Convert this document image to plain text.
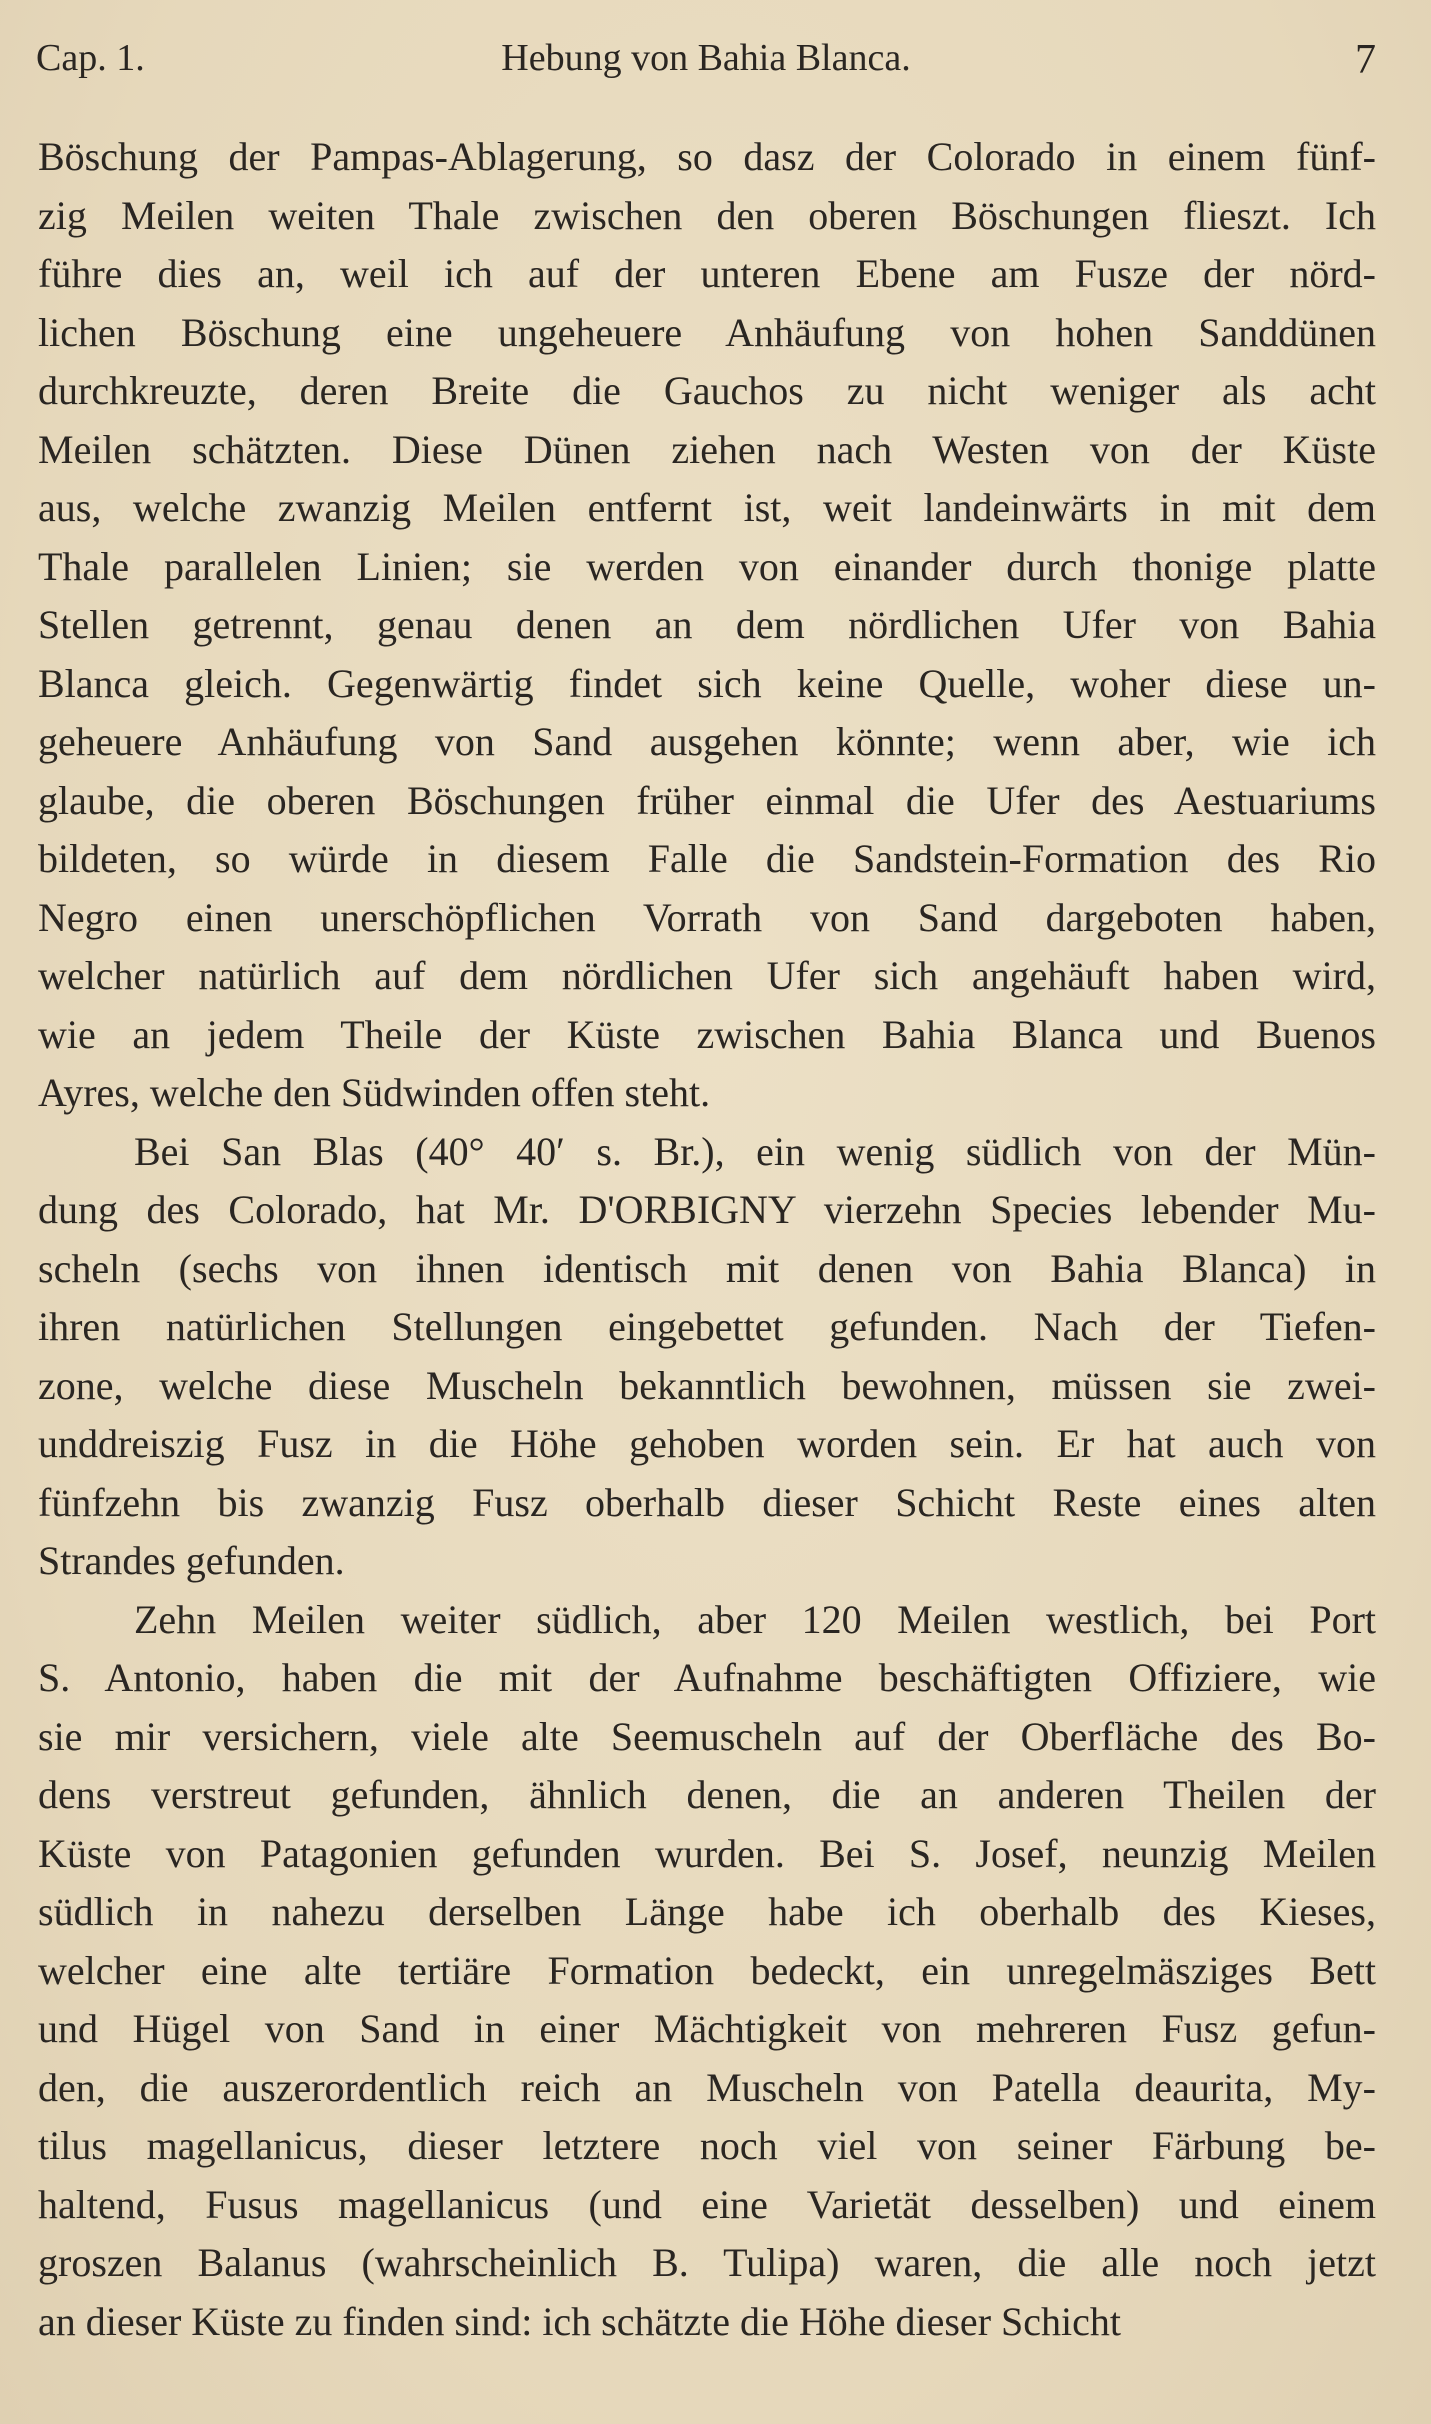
Cap. 1.	Hebung von Bahia Blanca.	7
Böschung der Pampas-Ablagerung, so dasz der Colorado in einem fünf-
zig Meilen weiten Thale zwischen den oberen Böschungen flieszt. Ich
führe dies an, weil ich auf der unteren Ebene am Fusze der nörd-
lichen Böschung eine ungeheuere Anhäufung von hohen Sanddünen
durchkreuzte, deren Breite die Gauchos zu nicht weniger als acht
Meilen schätzten. Diese Dünen ziehen nach Westen von der Küste
aus, welche zwanzig Meilen entfernt ist, weit landeinwärts in mit dem
Thale parallelen Linien; sie werden von einander durch thonige platte
Stellen getrennt, genau denen an dem nördlichen Ufer von Bahia
Blanca gleich. Gegenwärtig findet sich keine Quelle, woher diese un-
geheuere Anhäufung von Sand ausgehen könnte; wenn aber, wie ich
glaube, die oberen Böschungen früher einmal die Ufer des Aestuariums
bildeten, so würde in diesem Falle die Sandstein-Formation des Rio
Negro einen unerschöpflichen Vorrath von Sand dargeboten haben,
welcher natürlich auf dem nördlichen Ufer sich angehäuft haben wird,
wie an jedem Theile der Küste zwischen Bahia Blanca und Buenos
Ayres, welche den Südwinden offen steht.
Bei San Blas (40° 40′ s. Br.), ein wenig südlich von der Mün-
dung des Colorado, hat Mr. D'ORBIGNY vierzehn Species lebender Mu-
scheln (sechs von ihnen identisch mit denen von Bahia Blanca) in
ihren natürlichen Stellungen eingebettet gefunden. Nach der Tiefen-
zone, welche diese Muscheln bekanntlich bewohnen, müssen sie zwei-
unddreiszig Fusz in die Höhe gehoben worden sein. Er hat auch von
fünfzehn bis zwanzig Fusz oberhalb dieser Schicht Reste eines alten
Strandes gefunden.
Zehn Meilen weiter südlich, aber 120 Meilen westlich, bei Port
S. Antonio, haben die mit der Aufnahme beschäftigten Offiziere, wie
sie mir versichern, viele alte Seemuscheln auf der Oberfläche des Bo-
dens verstreut gefunden, ähnlich denen, die an anderen Theilen der
Küste von Patagonien gefunden wurden. Bei S. Josef, neunzig Meilen
südlich in nahezu derselben Länge habe ich oberhalb des Kieses,
welcher eine alte tertiäre Formation bedeckt, ein unregelmäsziges Bett
und Hügel von Sand in einer Mächtigkeit von mehreren Fusz gefun-
den, die auszerordentlich reich an Muscheln von Patella deaurita, My-
tilus magellanicus, dieser letztere noch viel von seiner Färbung be-
haltend, Fusus magellanicus (und eine Varietät desselben) und einem
groszen Balanus (wahrscheinlich B. Tulipa) waren, die alle noch jetzt
an dieser Küste zu finden sind: ich schätzte die Höhe dieser Schicht
